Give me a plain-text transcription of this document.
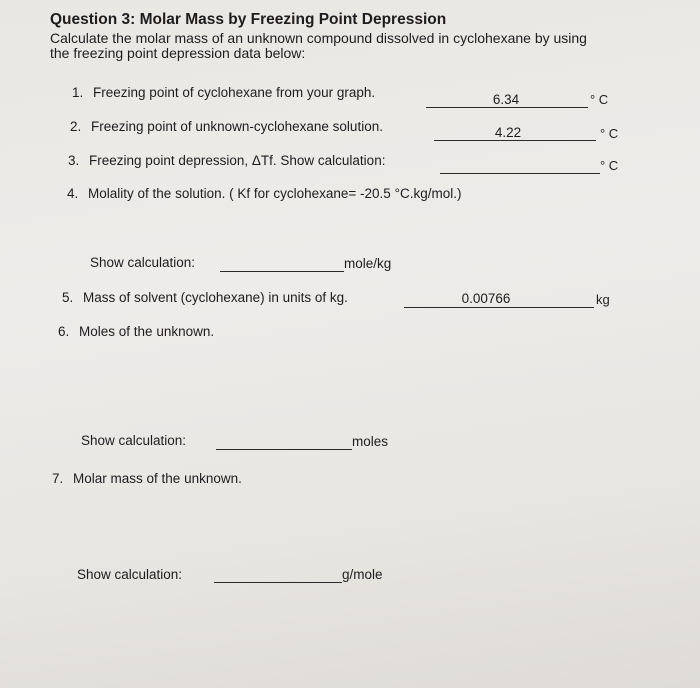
Question 3: Molar Mass by Freezing Point Depression
Calculate the molar mass of an unknown compound dissolved in cyclohexane by using
the freezing point depression data below:
1. Freezing point of cyclohexane from your graph.	6.34	° C
2. Freezing point of unknown-cyclohexane solution.	4.22	° C
3. Freezing point depression, ΔTf. Show calculation:	° C
4. Molality of the solution. ( Kf for cyclohexane= -20.5 °C.kg/mol.)
Show calculation:	mole/kg
5. Mass of solvent (cyclohexane) in units of kg.	0.00766	kg
6. Moles of the unknown.
Show calculation:	moles
7. Molar mass of the unknown.
Show calculation:	g/mole
